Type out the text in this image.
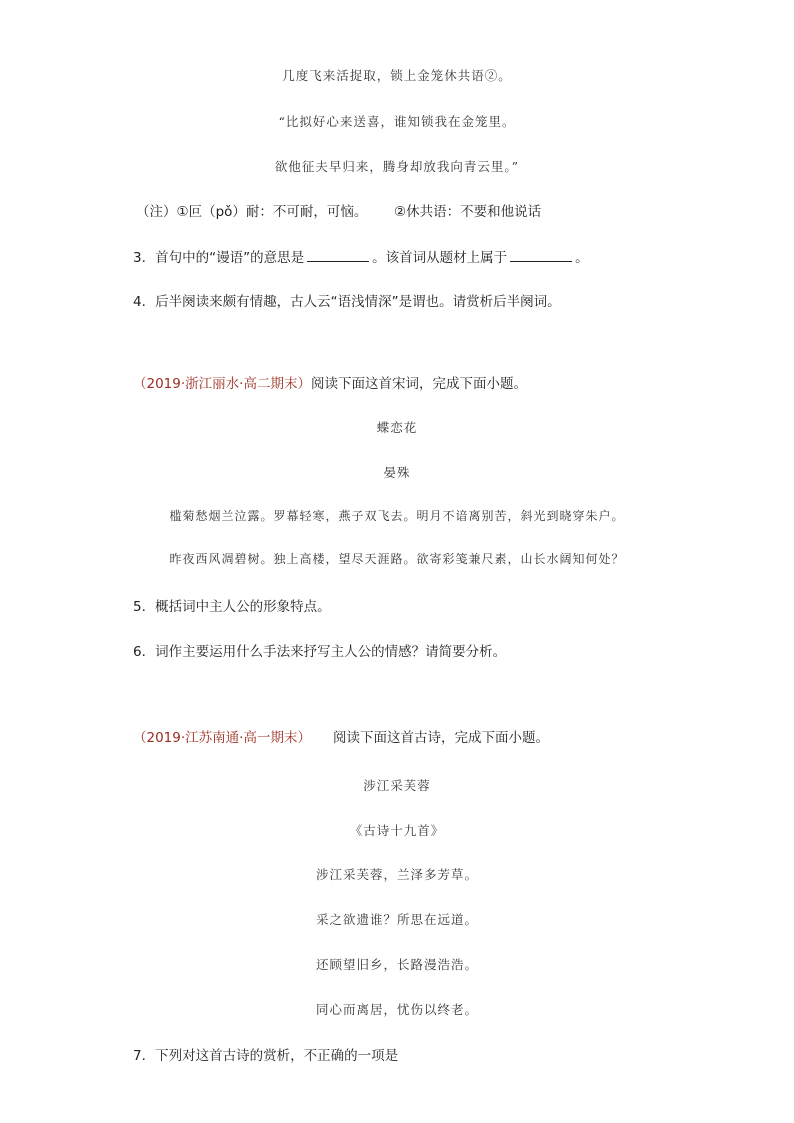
几度飞来活捉取，锁上金笼休共语②。
“比拟好心来送喜，谁知锁我在金笼里。
欲他征夫早归来，腾身却放我向青云里。”
（注）①叵（pǒ）耐：不可耐，可恼。 ②休共语：不要和他说话
3．首句中的“谩语”的意思是	。该首词从题材上属于	。
4．后半阕读来颇有情趣，古人云“语浅情深”是谓也。请赏析后半阕词。
（2019·浙江丽水·高二期末）阅读下面这首宋词，完成下面小题。
蝶恋花
晏殊
槛菊愁烟兰泣露。罗幕轻寒，燕子双飞去。明月不谙离别苦，斜光到晓穿朱户。
昨夜西风凋碧树。独上高楼，望尽天涯路。欲寄彩笺兼尺素，山长水阔知何处？
5．概括词中主人公的形象特点。
6．词作主要运用什么手法来抒写主人公的情感？请简要分析。
（2019·江苏南通·高一期末） 阅读下面这首古诗，完成下面小题。
涉江采芙蓉
《古诗十九首》
涉江采芙蓉，兰泽多芳草。
采之欲遗谁？所思在远道。
还顾望旧乡，长路漫浩浩。
同心而离居，忧伤以终老。
7．下列对这首古诗的赏析，不正确的一项是
